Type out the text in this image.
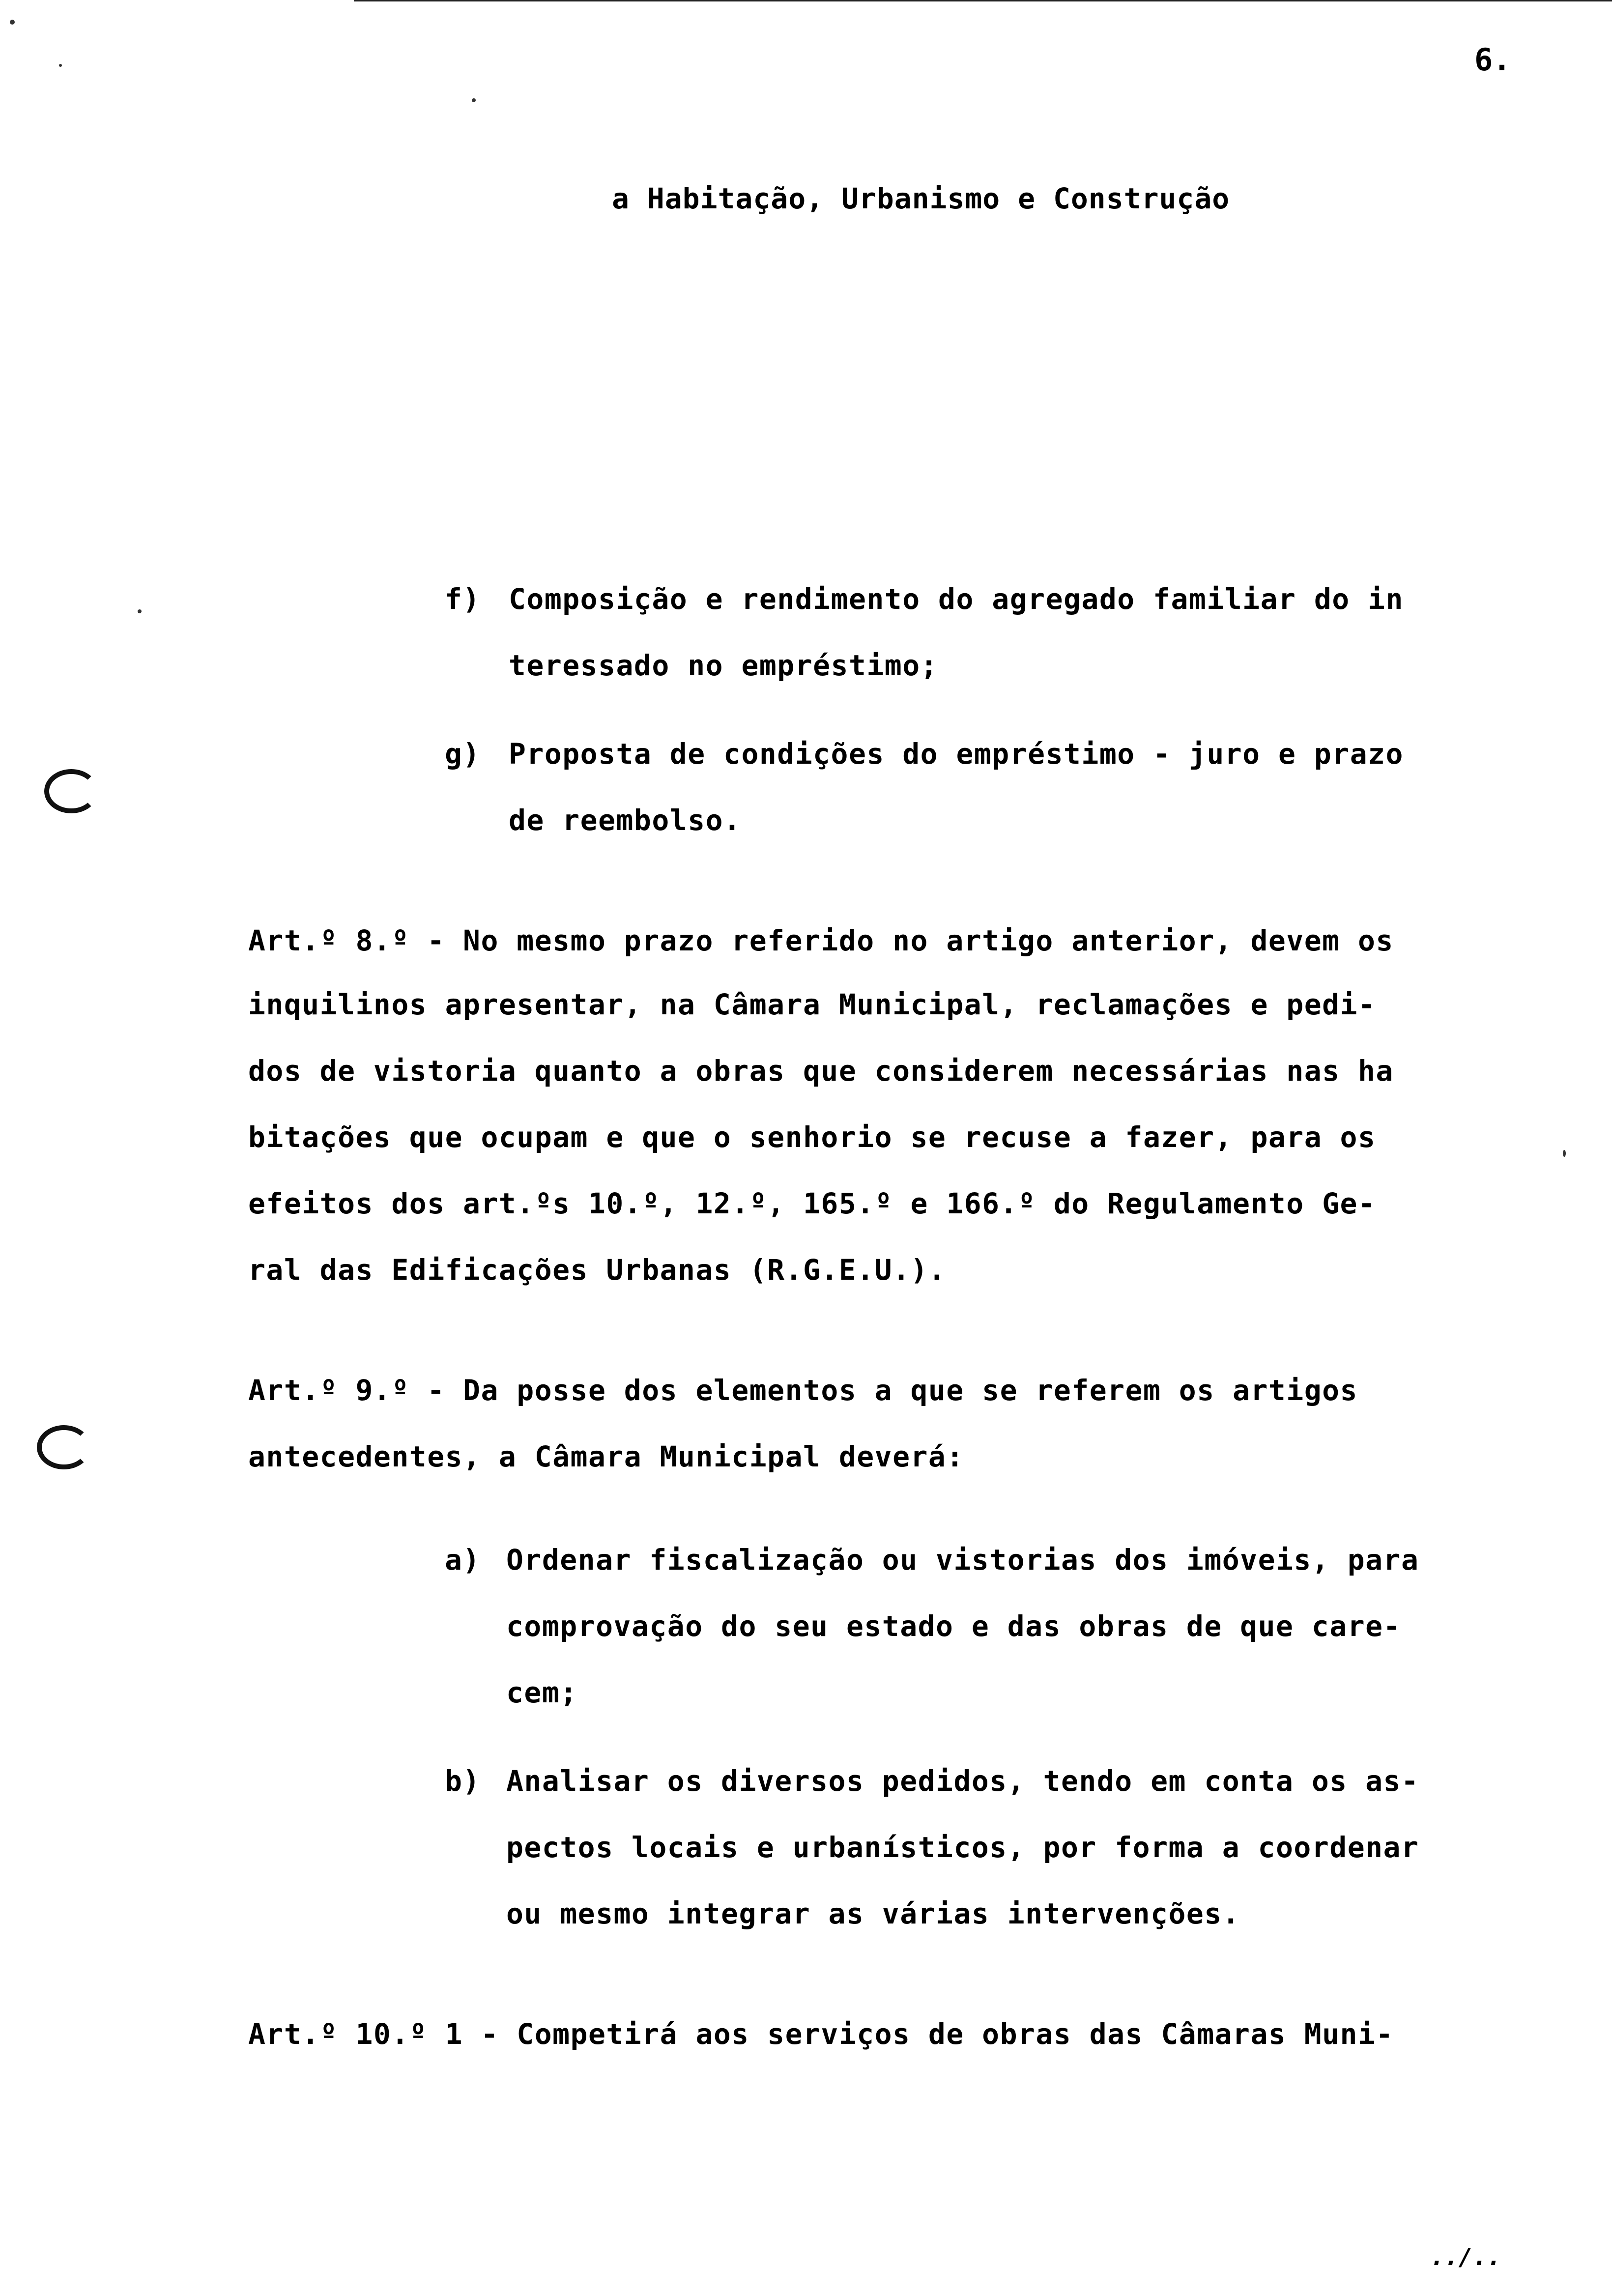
6.
a Habitação, Urbanismo e Construção
f) Composição e rendimento do agregado familiar do in
teressado no empréstimo;
g) Proposta de condições do empréstimo - juro e prazo
de reembolso.
Art.º 8.º - No mesmo prazo referido no artigo anterior, devem os
inquilinos apresentar, na Câmara Municipal, reclamações e pedi-
dos de vistoria quanto a obras que considerem necessárias nas ha
bitações que ocupam e que o senhorio se recuse a fazer, para os
efeitos dos art.ºs 10.º, 12.º, 165.º e 166.º do Regulamento Ge-
ral das Edificações Urbanas (R.G.E.U.).
Art.º 9.º - Da posse dos elementos a que se referem os artigos
antecedentes, a Câmara Municipal deverá:
a) Ordenar fiscalização ou vistorias dos imóveis, para
comprovação do seu estado e das obras de que care-
cem;
b) Analisar os diversos pedidos, tendo em conta os as-
pectos locais e urbanísticos, por forma a coordenar
ou mesmo integrar as várias intervenções.
Art.º 10.º 1 - Competirá aos serviços de obras das Câmaras Muni-
../..
